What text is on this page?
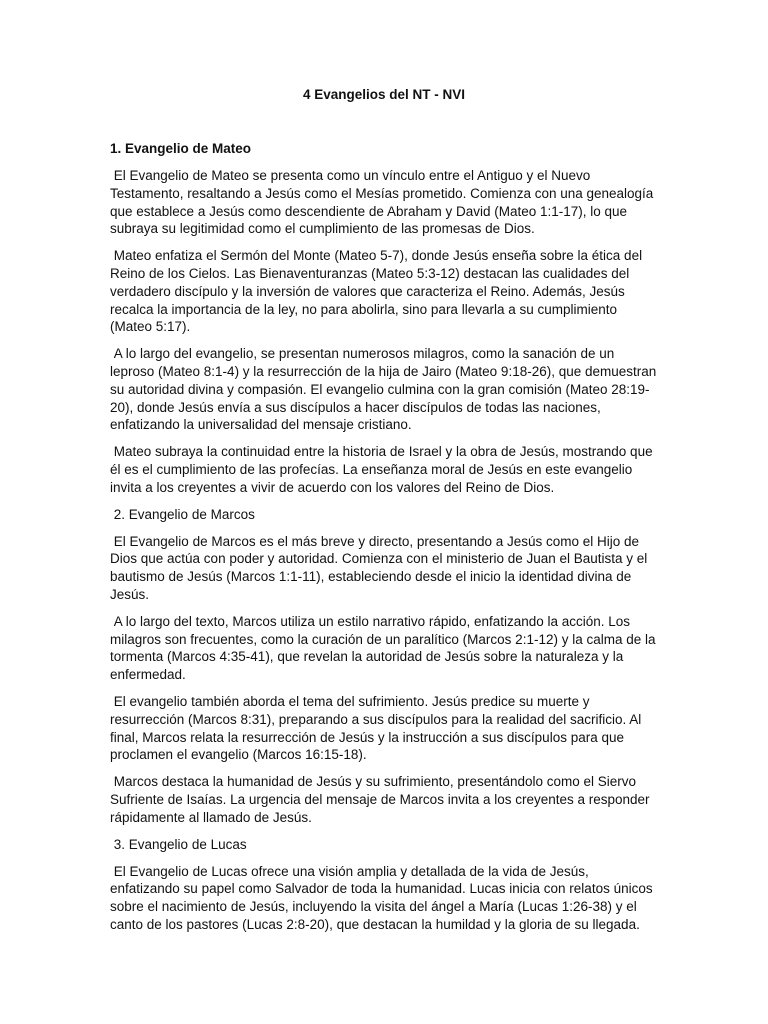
4 Evangelios del NT - NVI

1. Evangelio de Mateo

El Evangelio de Mateo se presenta como un vínculo entre el Antiguo y el Nuevo Testamento, resaltando a Jesús como el Mesías prometido. Comienza con una genealogía que establece a Jesús como descendiente de Abraham y David (Mateo 1:1-17), lo que subraya su legitimidad como el cumplimiento de las promesas de Dios.

Mateo enfatiza el Sermón del Monte (Mateo 5-7), donde Jesús enseña sobre la ética del Reino de los Cielos. Las Bienaventuranzas (Mateo 5:3-12) destacan las cualidades del verdadero discípulo y la inversión de valores que caracteriza el Reino. Además, Jesús recalca la importancia de la ley, no para abolirla, sino para llevarla a su cumplimiento (Mateo 5:17).

A lo largo del evangelio, se presentan numerosos milagros, como la sanación de un leproso (Mateo 8:1-4) y la resurrección de la hija de Jairo (Mateo 9:18-26), que demuestran su autoridad divina y compasión. El evangelio culmina con la gran comisión (Mateo 28:19-20), donde Jesús envía a sus discípulos a hacer discípulos de todas las naciones, enfatizando la universalidad del mensaje cristiano.

Mateo subraya la continuidad entre la historia de Israel y la obra de Jesús, mostrando que él es el cumplimiento de las profecías. La enseñanza moral de Jesús en este evangelio invita a los creyentes a vivir de acuerdo con los valores del Reino de Dios.

2. Evangelio de Marcos

El Evangelio de Marcos es el más breve y directo, presentando a Jesús como el Hijo de Dios que actúa con poder y autoridad. Comienza con el ministerio de Juan el Bautista y el bautismo de Jesús (Marcos 1:1-11), estableciendo desde el inicio la identidad divina de Jesús.

A lo largo del texto, Marcos utiliza un estilo narrativo rápido, enfatizando la acción. Los milagros son frecuentes, como la curación de un paralítico (Marcos 2:1-12) y la calma de la tormenta (Marcos 4:35-41), que revelan la autoridad de Jesús sobre la naturaleza y la enfermedad.

El evangelio también aborda el tema del sufrimiento. Jesús predice su muerte y resurrección (Marcos 8:31), preparando a sus discípulos para la realidad del sacrificio. Al final, Marcos relata la resurrección de Jesús y la instrucción a sus discípulos para que proclamen el evangelio (Marcos 16:15-18).

Marcos destaca la humanidad de Jesús y su sufrimiento, presentándolo como el Siervo Sufriente de Isaías. La urgencia del mensaje de Marcos invita a los creyentes a responder rápidamente al llamado de Jesús.

3. Evangelio de Lucas

El Evangelio de Lucas ofrece una visión amplia y detallada de la vida de Jesús, enfatizando su papel como Salvador de toda la humanidad. Lucas inicia con relatos únicos sobre el nacimiento de Jesús, incluyendo la visita del ángel a María (Lucas 1:26-38) y el canto de los pastores (Lucas 2:8-20), que destacan la humildad y la gloria de su llegada.
